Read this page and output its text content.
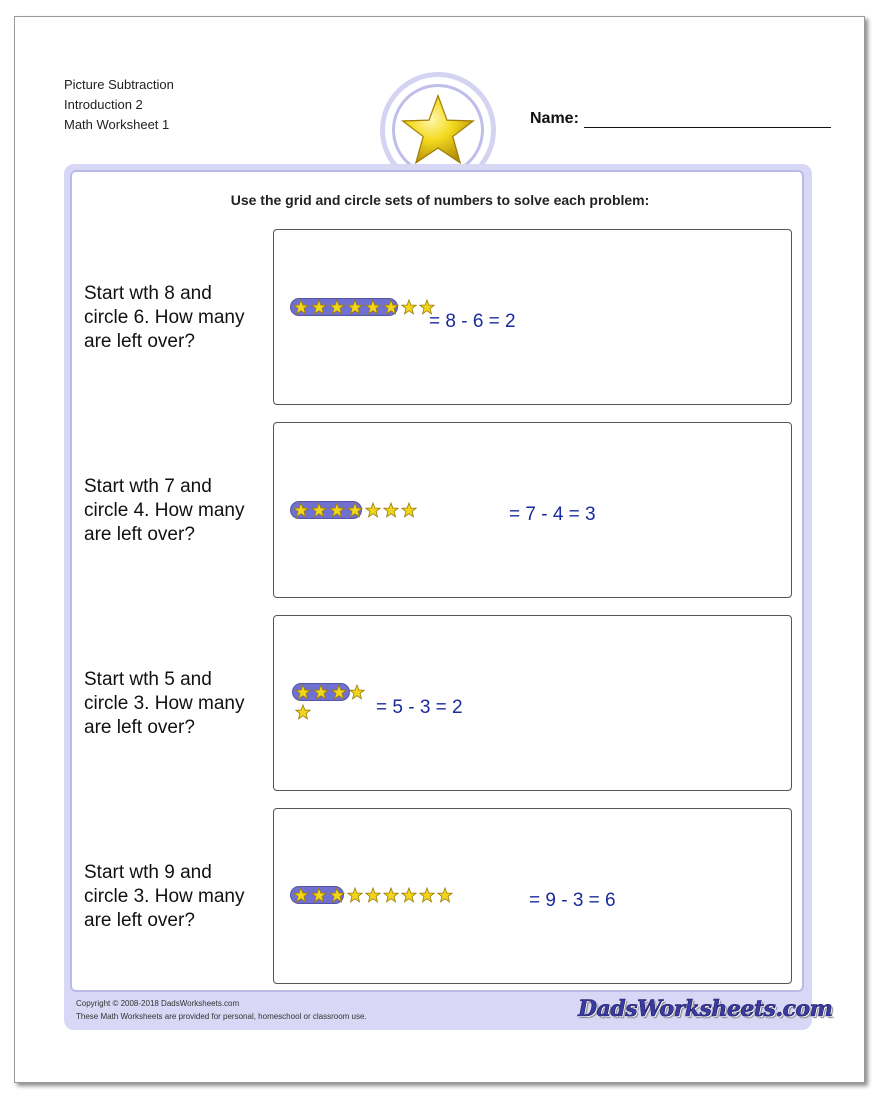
Picture Subtraction
Introduction 2
Math Worksheet 1	Name:
Use the grid and circle sets of numbers to solve each problem:
Start wth 8 and
circle 6. How many
are left over?
= 8 - 6 = 2
Start wth 7 and
circle 4. How many
are left over?
= 7 - 4 = 3
Start wth 5 and
circle 3. How many
are left over?
= 5 - 3 = 2
Start wth 9 and
circle 3. How many
are left over?
= 9 - 3 = 6
Copyright © 2008-2018 DadsWorksheets.com
These Math Worksheets are provided for personal, homeschool or classroom use.	DadsWorksheets.com
